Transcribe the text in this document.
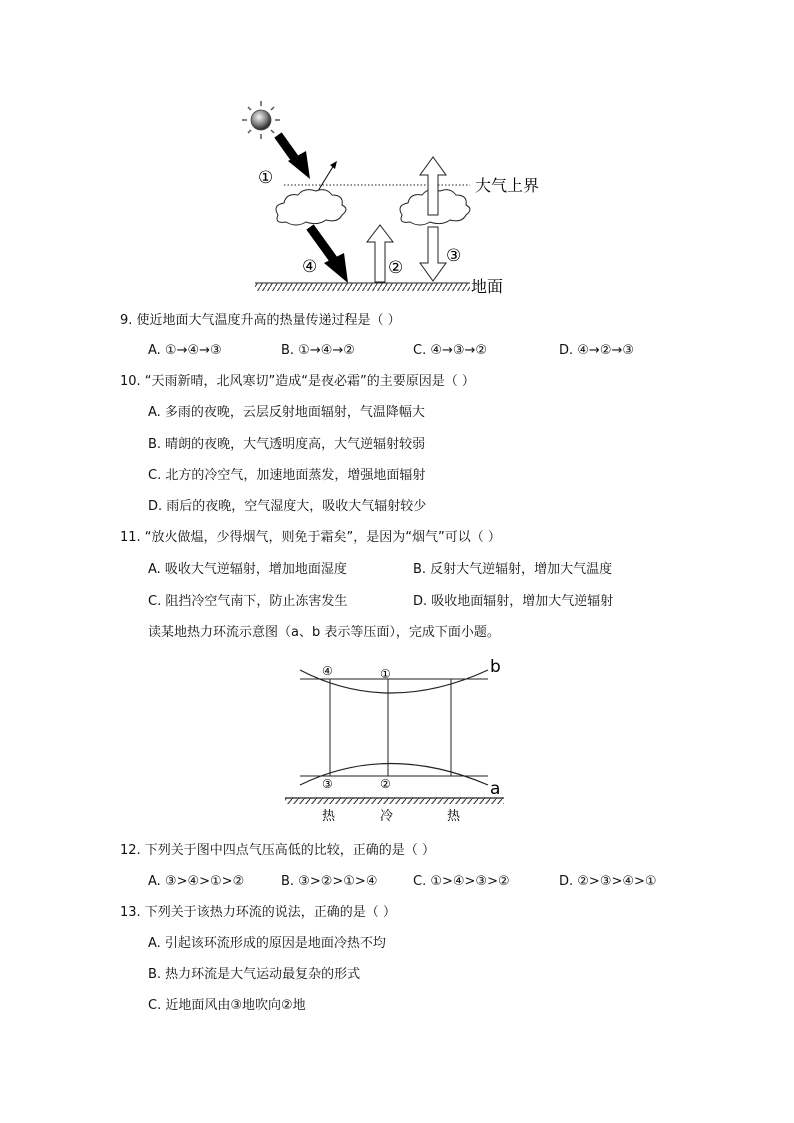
①
④	②
③
大气上界
地面
9. 使近地面大气温度升高的热量传递过程是（ ）
A. ①→④→③	B. ①→④→②	C. ④→③→②	D. ④→②→③
10. “天雨新晴，北风寒切”造成“是夜必霜”的主要原因是（ ）
A. 多雨的夜晚，云层反射地面辐射，气温降幅大
B. 晴朗的夜晚，大气透明度高，大气逆辐射较弱
C. 北方的冷空气，加速地面蒸发，增强地面辐射
D. 雨后的夜晚，空气湿度大，吸收大气辐射较少
11. “放火做煴，少得烟气，则免于霜矣”，是因为“烟气”可以（ ）
A. 吸收大气逆辐射，增加地面湿度	B. 反射大气逆辐射，增加大气温度
C. 阻挡冷空气南下，防止冻害发生	D. 吸收地面辐射，增加大气逆辐射
读某地热力环流示意图（a、b 表示等压面），完成下面小题。
④	①
③	②
b
a
热	冷	热
12. 下列关于图中四点气压高低的比较，正确的是（ ）
A. ③>④>①>②	B. ③>②>①>④	C. ①>④>③>②	D. ②>③>④>①
13. 下列关于该热力环流的说法，正确的是（ ）
A. 引起该环流形成的原因是地面冷热不均
B. 热力环流是大气运动最复杂的形式
C. 近地面风由③地吹向②地
